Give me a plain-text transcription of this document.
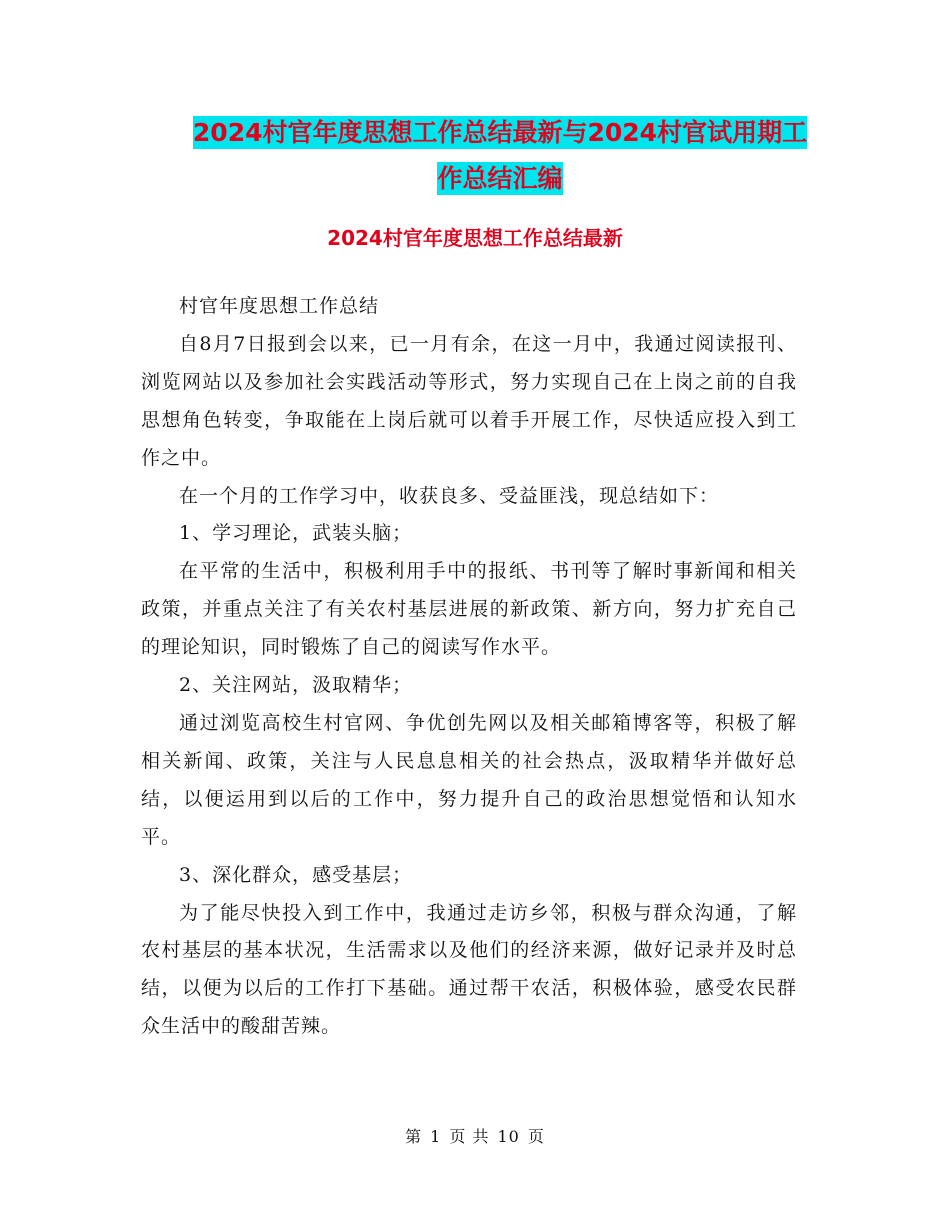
2024村官年度思想工作总结最新与2024村官试用期工
作总结汇编
2024村官年度思想工作总结最新

村官年度思想工作总结

自8月7日报到会以来，已一月有余，在这一月中，我通过阅读报刊、浏览网站以及参加社会实践活动等形式，努力实现自己在上岗之前的自我思想角色转变，争取能在上岗后就可以着手开展工作，尽快适应投入到工作之中。

在一个月的工作学习中，收获良多、受益匪浅，现总结如下：

1、学习理论，武装头脑；

在平常的生活中，积极利用手中的报纸、书刊等了解时事新闻和相关政策，并重点关注了有关农村基层进展的新政策、新方向，努力扩充自己的理论知识，同时锻炼了自己的阅读写作水平。

2、关注网站，汲取精华；

通过浏览高校生村官网、争优创先网以及相关邮箱博客等，积极了解相关新闻、政策，关注与人民息息相关的社会热点，汲取精华并做好总结，以便运用到以后的工作中，努力提升自己的政治思想觉悟和认知水平。

3、深化群众，感受基层；

为了能尽快投入到工作中，我通过走访乡邻，积极与群众沟通，了解农村基层的基本状况，生活需求以及他们的经济来源，做好记录并及时总结，以便为以后的工作打下基础。通过帮干农活，积极体验，感受农民群众生活中的酸甜苦辣。

第 1 页 共 10 页
